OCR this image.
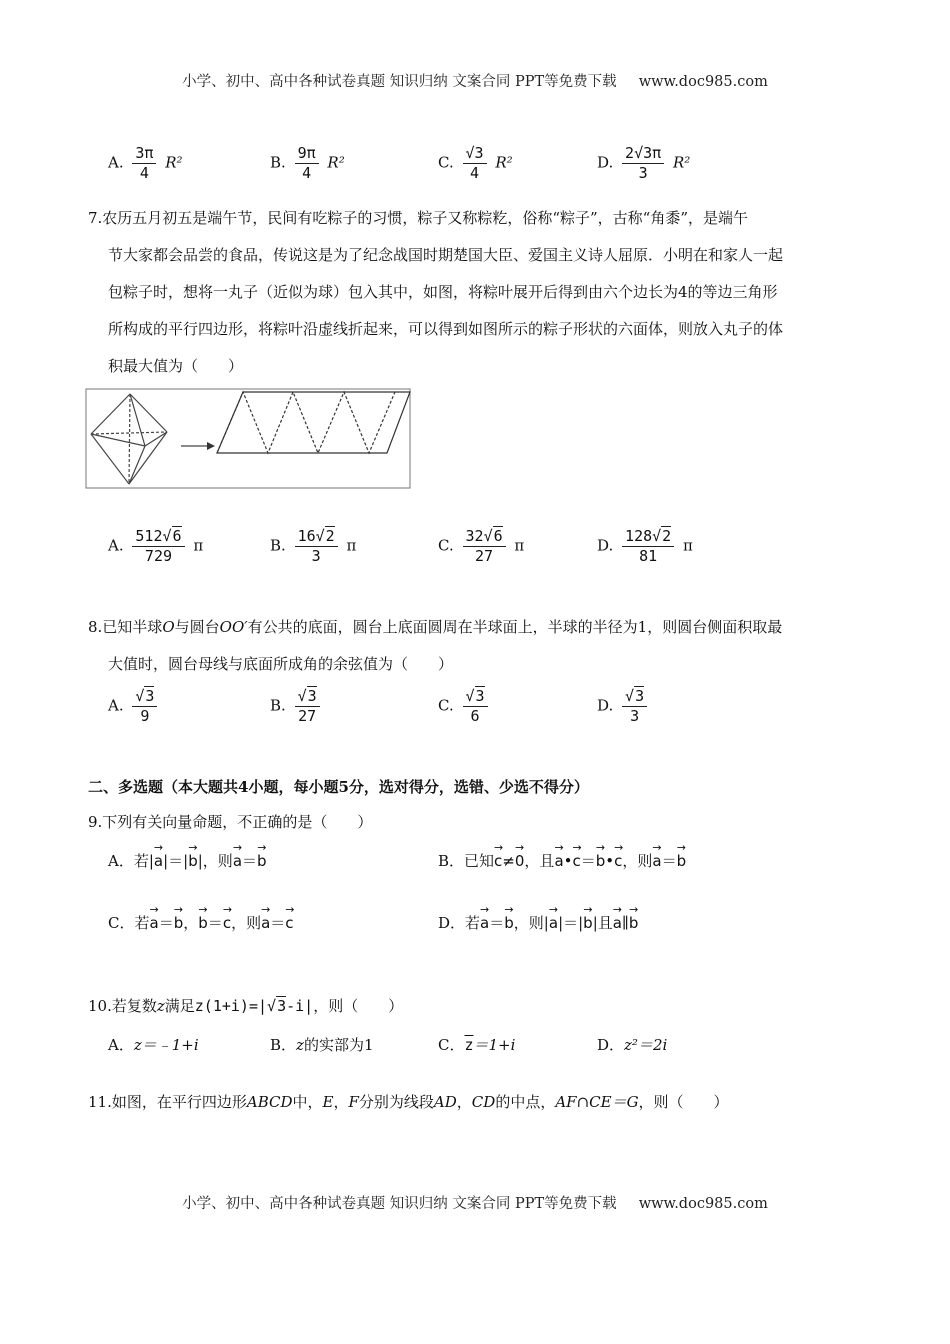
小学、初中、高中各种试卷真题 知识归纳 文案合同 PPT等免费下载 www.doc985.com
A. $\frac{3\pi}{4} R^2$	B. $\frac{9\pi}{4} R^2$	C. $\frac{√3}{4} R^2$	D. $\frac{2√3\pi}{3} R^2$
7.农历五月初五是端午节，民间有吃粽子的习惯，粽子又称粽籺，俗称“粽子”，古称“角黍”，是端午
节大家都会品尝的食品，传说这是为了纪念战国时期楚国大臣、爱国主义诗人屈原．小明在和家人一起
包粽子时，想将一丸子（近似为球）包入其中，如图，将粽叶展开后得到由六个边长为4的等边三角形
所构成的平行四边形，将粽叶沿虚线折起来，可以得到如图所示的粽子形状的六面体，则放入丸子的体
积最大值为（　　）
A. $\frac{512√6}{729}$ π	B. $\frac{16√2}{3}$ π	C. $\frac{32√6}{27}$ π	D. $\frac{128√2}{81}$ π
8.已知半球O与圆台OO′有公共的底面，圆台上底面圆周在半球面上，半球的半径为1，则圆台侧面积取最
大值时，圆台母线与底面所成角的余弦值为（　　）
A. $\frac{√3}{9}$	B. $\frac{√3}{27}$	C. $\frac{√3}{6}$	D. $\frac{√3}{3}$
二、多选题（本大题共4小题，每小题5分，选对得分，选错、少选不得分）
9.下列有关向量命题，不正确的是（　　）
A．若|→ a|＝|→ b|，则→ a＝→ b	B．已知→ c≠→ 0，且→ a•→ c＝→ b•→ c，则→ a＝→ b
C．若→ a＝→ b，→ b＝→ c，则→ a＝→ c	D．若→ a＝→ b，则|→ a|＝|→ b|且→ a∥→ b
10.若复数z满足z(1+i)=|√3-i|，则（　　）
A．z＝﹣1+i	B．z的实部为1	C．$\overline{z}=1+i$	D．z²＝2i
11.如图，在平行四边形ABCD中，E，F分别为线段AD，CD的中点，AF∩CE＝G，则（　　）
小学、初中、高中各种试卷真题 知识归纳 文案合同 PPT等免费下载 www.doc985.com
